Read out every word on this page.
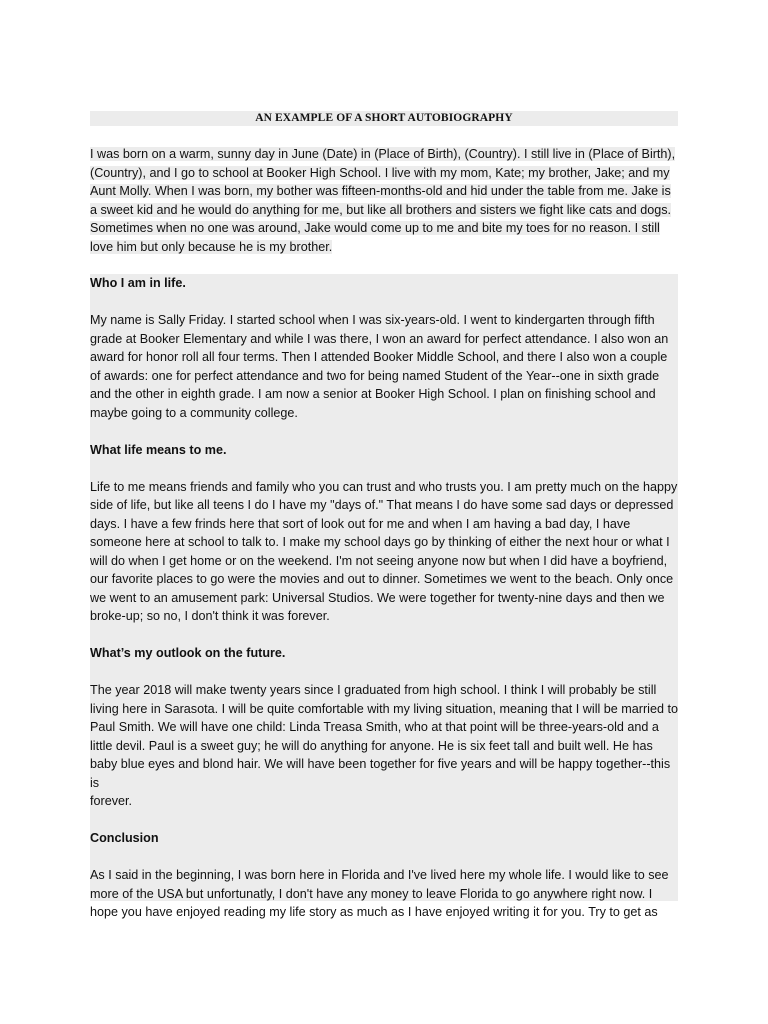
AN EXAMPLE OF A SHORT AUTOBIOGRAPHY
I was born on a warm, sunny day in June (Date) in (Place of Birth), (Country). I still live in (Place of Birth),
(Country), and I go to school at Booker High School. I live with my mom, Kate; my brother, Jake; and my
Aunt Molly. When I was born, my bother was fifteen-months-old and hid under the table from me. Jake is
a sweet kid and he would do anything for me, but like all brothers and sisters we fight like cats and dogs.
Sometimes when no one was around, Jake would come up to me and bite my toes for no reason. I still
love him but only because he is my brother.

Who I am in life.

My name is Sally Friday. I started school when I was six-years-old. I went to kindergarten through fifth

grade at Booker Elementary and while I was there, I won an award for perfect attendance. I also won an

award for honor roll all four terms. Then I attended Booker Middle School, and there I also won a couple

of awards: one for perfect attendance and two for being named Student of the Year--one in sixth grade

and the other in eighth grade. I am now a senior at Booker High School. I plan on finishing school and

maybe going to a community college.

What life means to me.

Life to me means friends and family who you can trust and who trusts you. I am pretty much on the happy

side of life, but like all teens I do I have my "days of." That means I do have some sad days or depressed

days. I have a few frinds here that sort of look out for me and when I am having a bad day, I have

someone here at school to talk to. I make my school days go by thinking of either the next hour or what I

will do when I get home or on the weekend. I'm not seeing anyone now but when I did have a boyfriend,

our favorite places to go were the movies and out to dinner. Sometimes we went to the beach. Only once

we went to an amusement park: Universal Studios. We were together for twenty-nine days and then we

broke-up; so no, I don't think it was forever.

What’s my outlook on the future.

The year 2018 will make twenty years since I graduated from high school. I think I will probably be still

living here in Sarasota. I will be quite comfortable with my living situation, meaning that I will be married to

Paul Smith. We will have one child: Linda Treasa Smith, who at that point will be three-years-old and a

little devil. Paul is a sweet guy; he will do anything for anyone. He is six feet tall and built well. He has

baby blue eyes and blond hair. We will have been together for five years and will be happy together--this is

forever.

Conclusion

As I said in the beginning, I was born here in Florida and I've lived here my whole life. I would like to see

more of the USA but unfortunatly, I don't have any money to leave Florida to go anywhere right now. I

hope you have enjoyed reading my life story as much as I have enjoyed writing it for you. Try to get as
